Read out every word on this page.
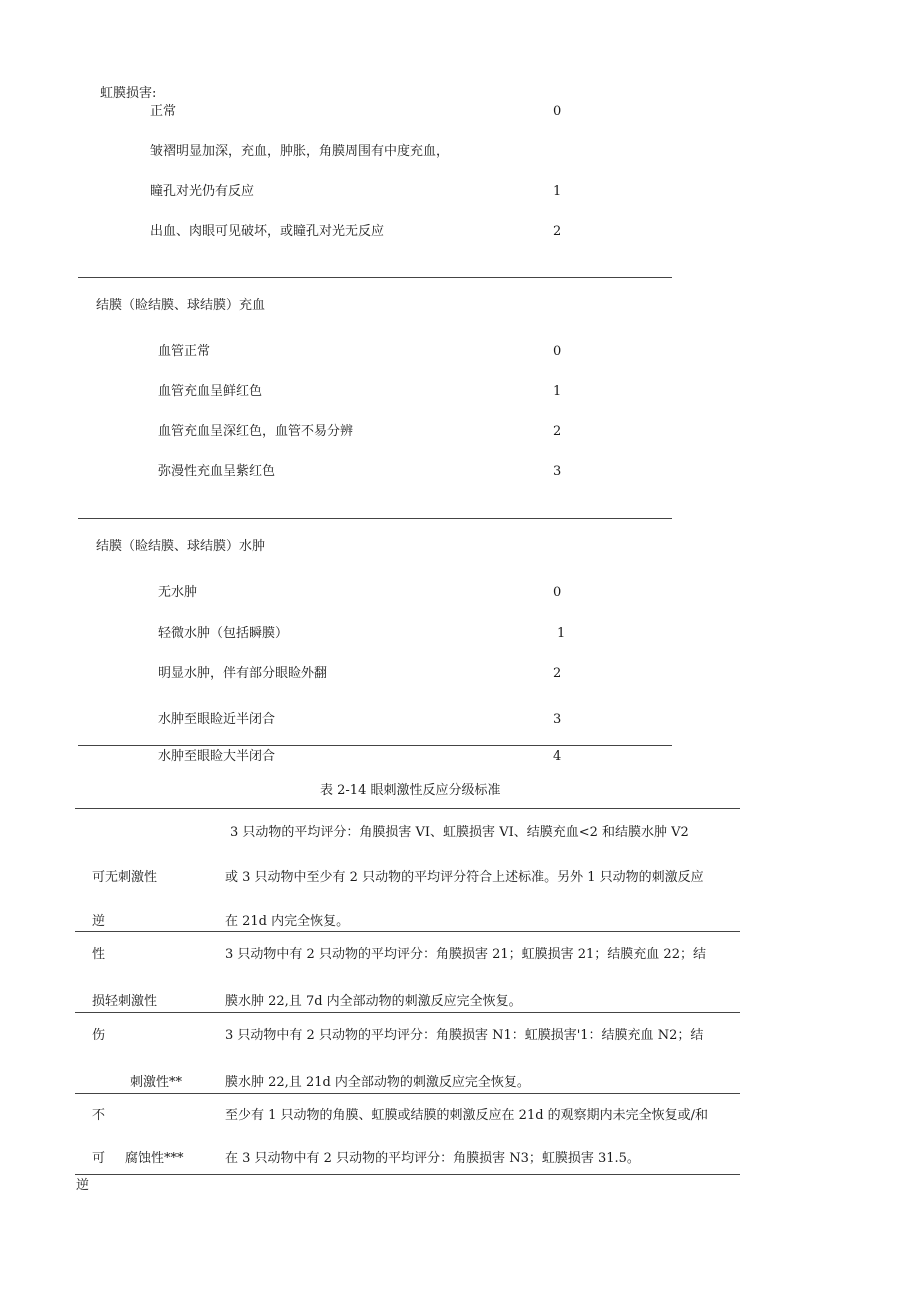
虹膜损害:
正常	0
皱褶明显加深，充血，肿胀，角膜周围有中度充血，
瞳孔对光仍有反应	1
出血、肉眼可见破坏，或瞳孔对光无反应	2
结膜（睑结膜、球结膜）充血
血管正常	0
血管充血呈鲜红色	1
血管充血呈深红色，血管不易分辨	2
弥漫性充血呈紫红色	3
结膜（睑结膜、球结膜）水肿
无水肿	0
轻微水肿（包括瞬膜）	1
明显水肿，伴有部分眼睑外翻	2
水肿至眼睑近半闭合	3
水肿至眼睑大半闭合	4
表 2-14 眼刺激性反应分级标准
3 只动物的平均评分：角膜损害 VI、虹膜损害 VI、结膜充血<2 和结膜水肿 V2
可无刺激性	或 3 只动物中至少有 2 只动物的平均评分符合上述标准。另外 1 只动物的刺激反应
逆	在 21d 内完全恢复。
性	3 只动物中有 2 只动物的平均评分：角膜损害 21；虹膜损害 21；结膜充血 22；结
损轻刺激性	膜水肿 22,且 7d 内全部动物的刺激反应完全恢复。
伤	3 只动物中有 2 只动物的平均评分：角膜损害 N1：虹膜损害'1：结膜充血 N2；结
刺激性**	膜水肿 22,且 21d 内全部动物的刺激反应完全恢复。
不	至少有 1 只动物的角膜、虹膜或结膜的刺激反应在 21d 的观察期内未完全恢复或/和
可 腐蚀性***	在 3 只动物中有 2 只动物的平均评分：角膜损害 N3；虹膜损害 31.5。
逆
